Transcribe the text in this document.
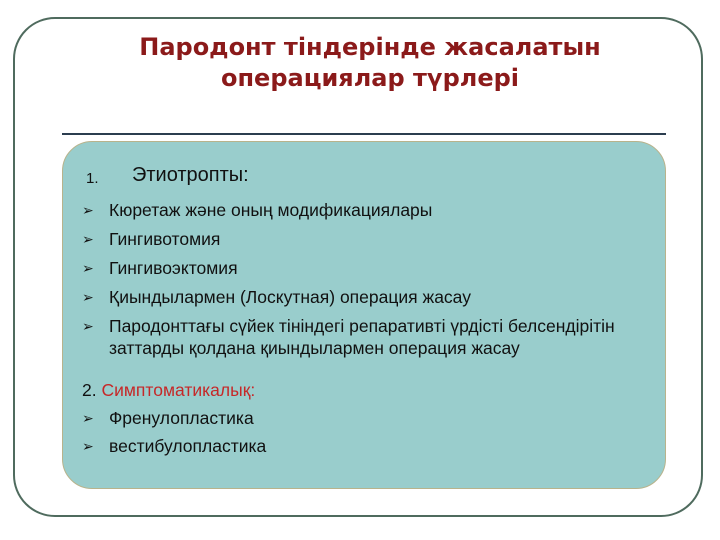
Пародонт тіндерінде жасалатын
операциялар түрлері
1. Этиотропты:
➢ Кюретаж және оның модификациялары
➢ Гингивотомия
➢ Гингивоэктомия
➢ Қиындылармен (Лоскутная) операция жасау
➢ Пародонттағы сүйек тініндегі репаративті үрдісті белсендірітін заттарды қолдана қиындылармен операция жасау
2. Симптоматикалық:
➢ Френулопластика
➢ вестибулопластика
